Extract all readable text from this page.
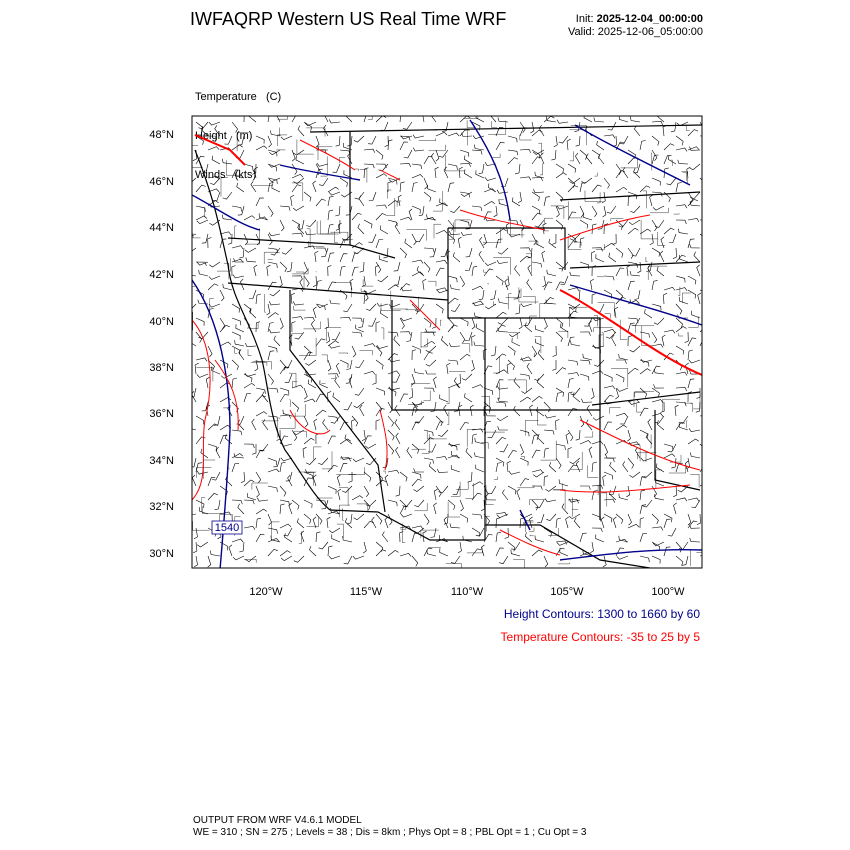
IWFAQRP Western US Real Time WRF	Init: 2025-12-04_00:00:00
Valid: 2025-12-06_05:00:00

Temperature (C)

Height (m)

Winds (kts)

48°N
46°N
44°N
42°N
40°N
38°N
36°N
34°N
32°N
30°N
120°W	115°W	110°W	105°W	100°W
1540
Height Contours: 1300 to 1660 by 60
Temperature Contours: -35 to 25 by 5
OUTPUT FROM WRF V4.6.1 MODEL
WE = 310 ; SN = 275 ; Levels = 38 ; Dis = 8km ; Phys Opt = 8 ; PBL Opt = 1 ; Cu Opt = 3
